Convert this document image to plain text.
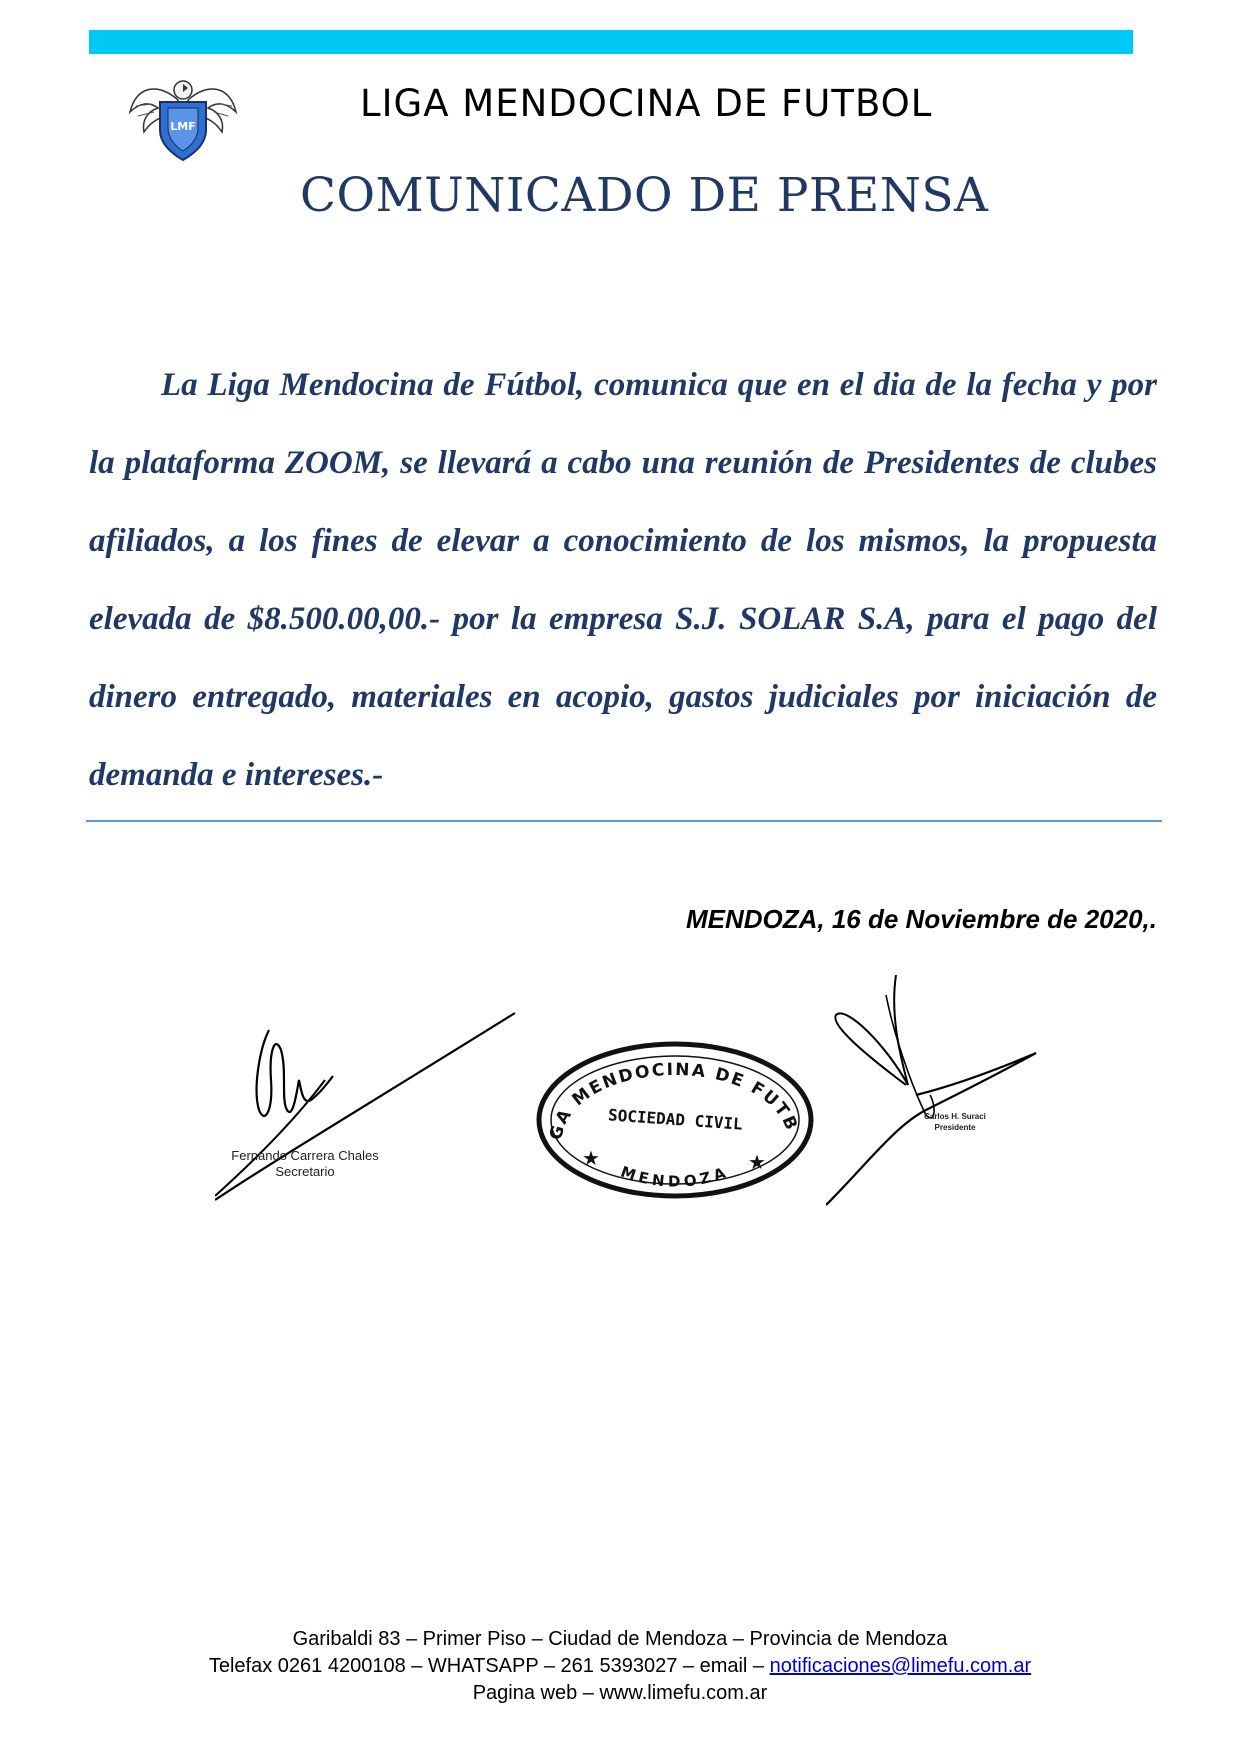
LMF
LIGA MENDOCINA DE FUTBOL
COMUNICADO DE PRENSA

La Liga Mendocina de Fútbol, comunica que en el dia de la fecha y por la plataforma ZOOM, se llevará a cabo una reunión de Presidentes de clubes afiliados, a los fines de elevar a conocimiento de los mismos, la propuesta elevada de $8.500.00,00.- por la empresa S.J. SOLAR S.A, para el pago del dinero entregado, materiales en acopio, gastos judiciales por iniciación de demanda e intereses.-

MENDOZA, 16 de Noviembre de 2020,.
Fernando Carrera Chales
Secretario
GA MENDOCINA DE FUTB
SOCIEDAD CIVIL
MENDOZA
★	★
Carlos H. Suraci
Presidente
Garibaldi 83 – Primer Piso – Ciudad de Mendoza – Provincia de Mendoza
Telefax 0261 4200108 – WHATSAPP – 261 5393027 – email – notificaciones@limefu.com.ar
Pagina web – www.limefu.com.ar
